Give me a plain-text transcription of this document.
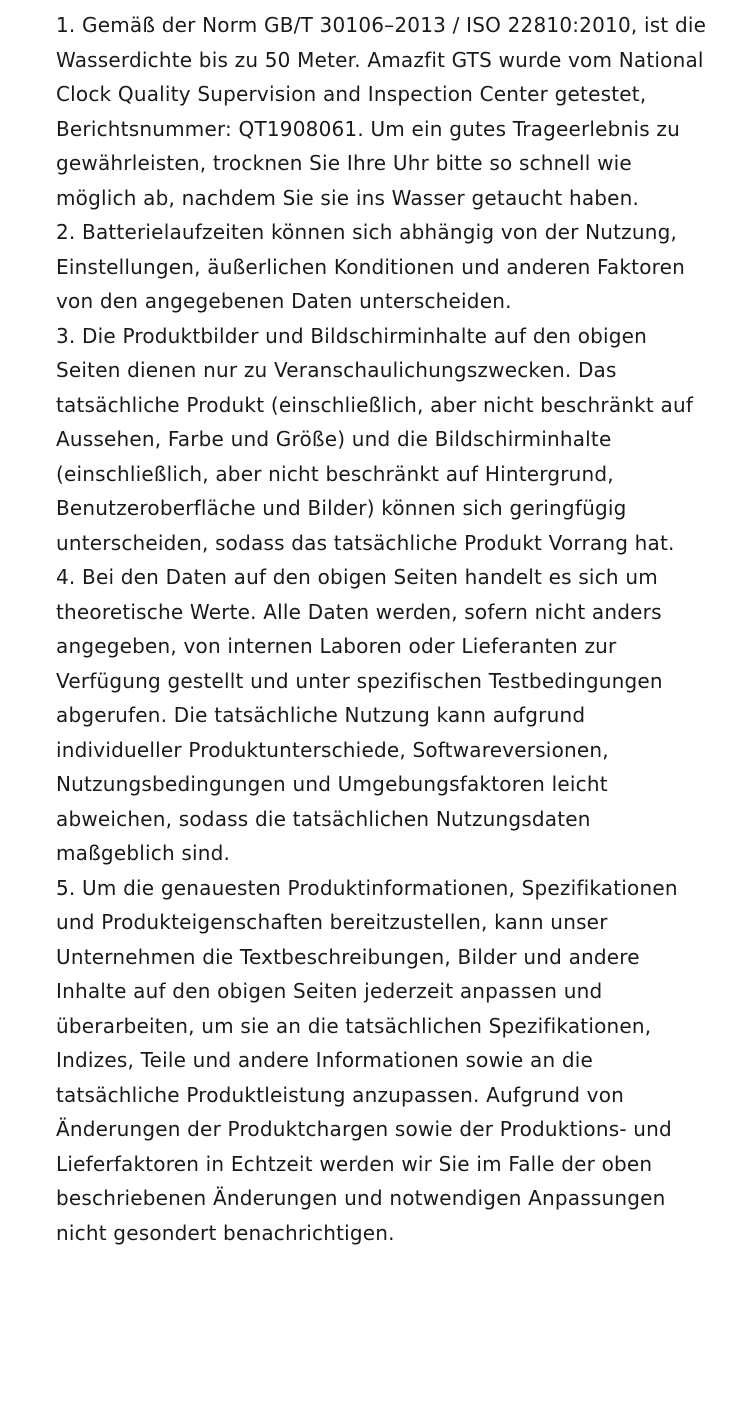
1. Gemäß der Norm GB/T 30106–2013 / ISO 22810:2010, ist die Wasserdichte bis zu 50 Meter. Amazfit GTS wurde vom National Clock Quality Supervision and Inspection Center getestet, Berichtsnummer: QT1908061. Um ein gutes Trageerlebnis zu gewährleisten, trocknen Sie Ihre Uhr bitte so schnell wie möglich ab, nachdem Sie sie ins Wasser getaucht haben.

2. Batterielaufzeiten können sich abhängig von der Nutzung, Einstellungen, äußerlichen Konditionen und anderen Faktoren von den angegebenen Daten unterscheiden.

3. Die Produktbilder und Bildschirminhalte auf den obigen Seiten dienen nur zu Veranschaulichungszwecken. Das tatsächliche Produkt (einschließlich, aber nicht beschränkt auf Aussehen, Farbe und Größe) und die Bildschirminhalte (einschließlich, aber nicht beschränkt auf Hintergrund, Benutzeroberfläche und Bilder) können sich geringfügig unterscheiden, sodass das tatsächliche Produkt Vorrang hat.

4. Bei den Daten auf den obigen Seiten handelt es sich um theoretische Werte. Alle Daten werden, sofern nicht anders angegeben, von internen Laboren oder Lieferanten zur Verfügung gestellt und unter spezifischen Testbedingungen abgerufen. Die tatsächliche Nutzung kann aufgrund individueller Produktunterschiede, Softwareversionen, Nutzungsbedingungen und Umgebungsfaktoren leicht abweichen, sodass die tatsächlichen Nutzungsdaten maßgeblich sind.

5. Um die genauesten Produktinformationen, Spezifikationen und Produkteigenschaften bereitzustellen, kann unser Unternehmen die Textbeschreibungen, Bilder und andere Inhalte auf den obigen Seiten jederzeit anpassen und überarbeiten, um sie an die tatsächlichen Spezifikationen, Indizes, Teile und andere Informationen sowie an die tatsächliche Produktleistung anzupassen. Aufgrund von Änderungen der Produktchargen sowie der Produktions- und Lieferfaktoren in Echtzeit werden wir Sie im Falle der oben beschriebenen Änderungen und notwendigen Anpassungen nicht gesondert benachrichtigen.
